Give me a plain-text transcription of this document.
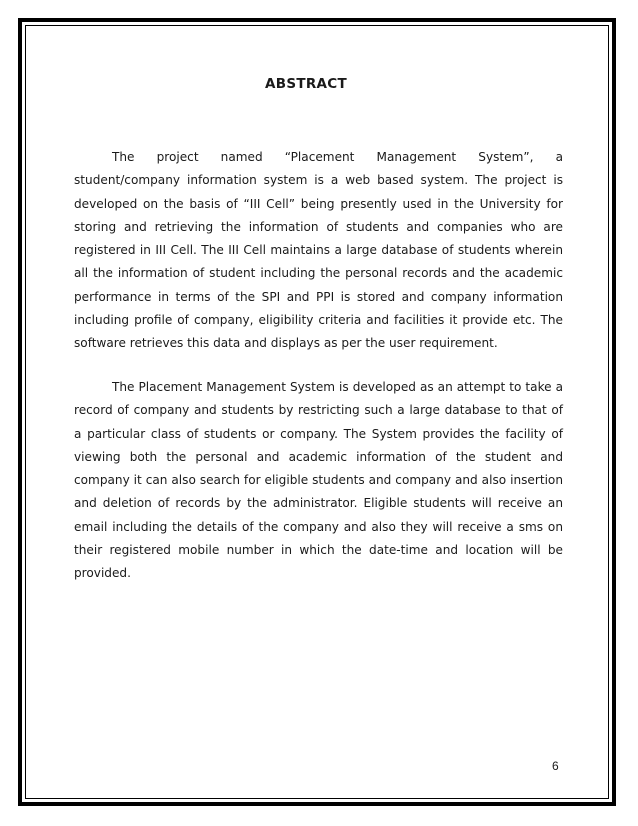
ABSTRACT

The project named “Placement Management System”, a student/company information system is a web based system. The project is developed on the basis of “III Cell” being presently used in the University for storing and retrieving the information of students and companies who are registered in III Cell. The III Cell maintains a large database of students wherein all the information of student including the personal records and the academic performance in terms of the SPI and PPI is stored and company information including profile of company, eligibility criteria and facilities it provide etc. The software retrieves this data and displays as per the user requirement.

The Placement Management System is developed as an attempt to take a record of company and students by restricting such a large database to that of a particular class of students or company. The System provides the facility of viewing both the personal and academic information of the student and company it can also search for eligible students and company and also insertion and deletion of records by the administrator. Eligible students will receive an email including the details of the company and also they will receive a sms on their registered mobile number in which the date-time and location will be provided.

6
